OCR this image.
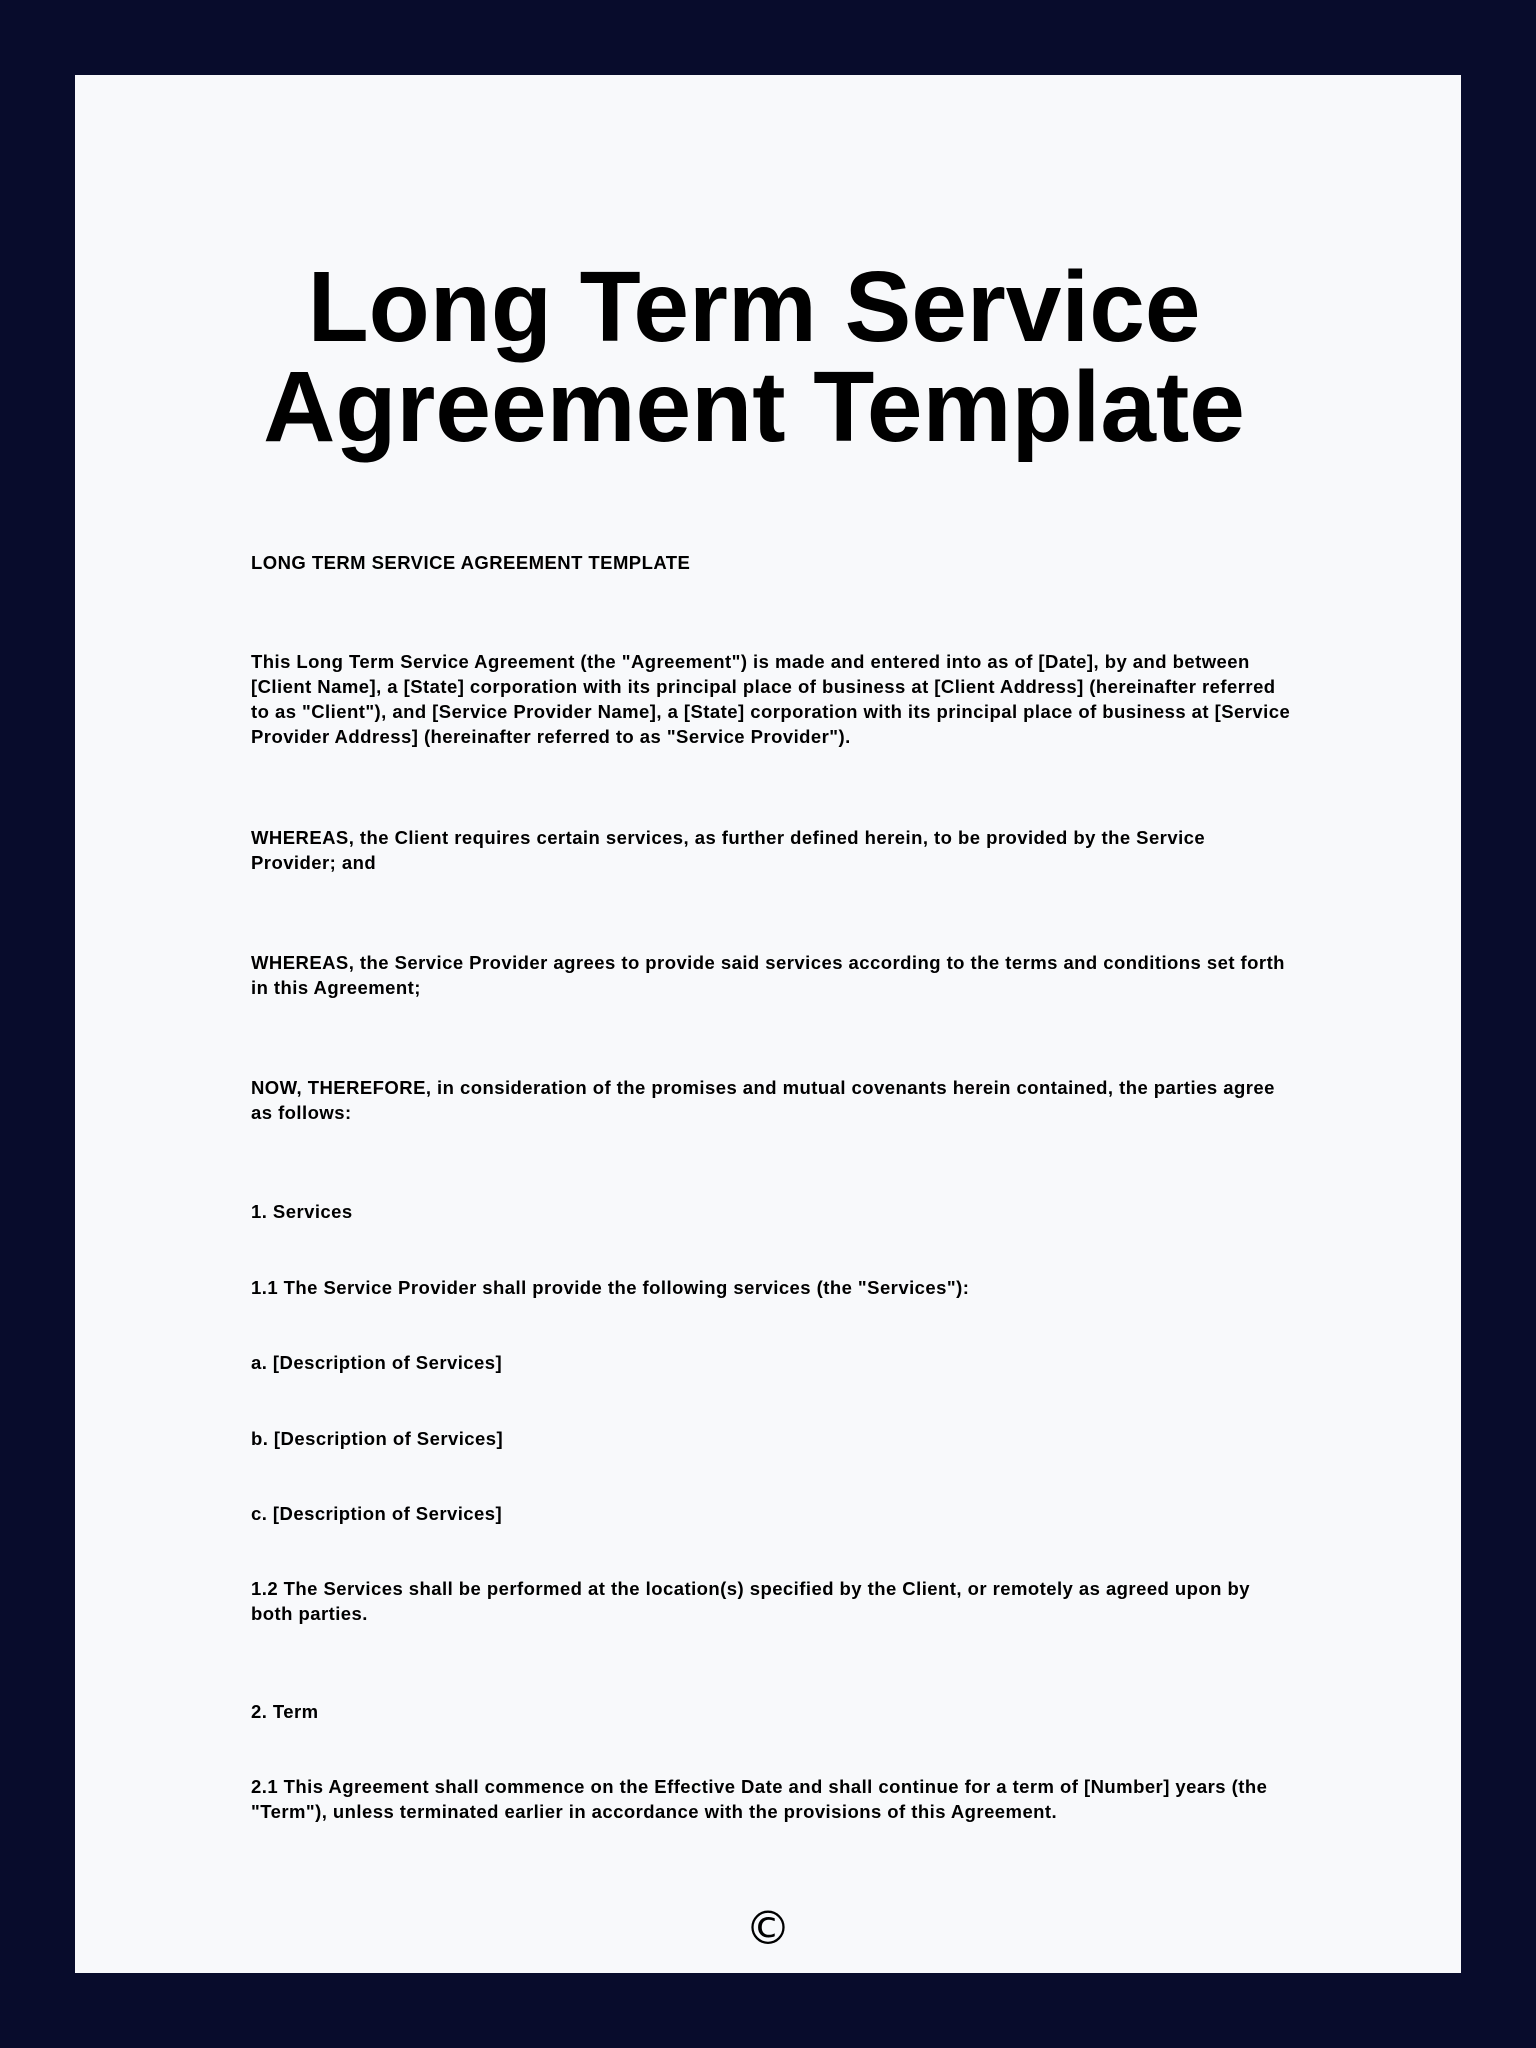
Long Term Service
Agreement Template

LONG TERM SERVICE AGREEMENT TEMPLATE

This Long Term Service Agreement (the "Agreement") is made and entered into as of [Date], by and between [Client Name], a [State] corporation with its principal place of business at [Client Address] (hereinafter referred to as "Client"), and [Service Provider Name], a [State] corporation with its principal place of business at [Service Provider Address] (hereinafter referred to as "Service Provider").

WHEREAS, the Client requires certain services, as further defined herein, to be provided by the Service Provider; and

WHEREAS, the Service Provider agrees to provide said services according to the terms and conditions set forth in this Agreement;

NOW, THEREFORE, in consideration of the promises and mutual covenants herein contained, the parties agree as follows:

1. Services

1.1 The Service Provider shall provide the following services (the "Services"):

a. [Description of Services]

b. [Description of Services]

c. [Description of Services]

1.2 The Services shall be performed at the location(s) specified by the Client, or remotely as agreed upon by both parties.

2. Term

2.1 This Agreement shall commence on the Effective Date and shall continue for a term of [Number] years (the "Term"), unless terminated earlier in accordance with the provisions of this Agreement.

©
